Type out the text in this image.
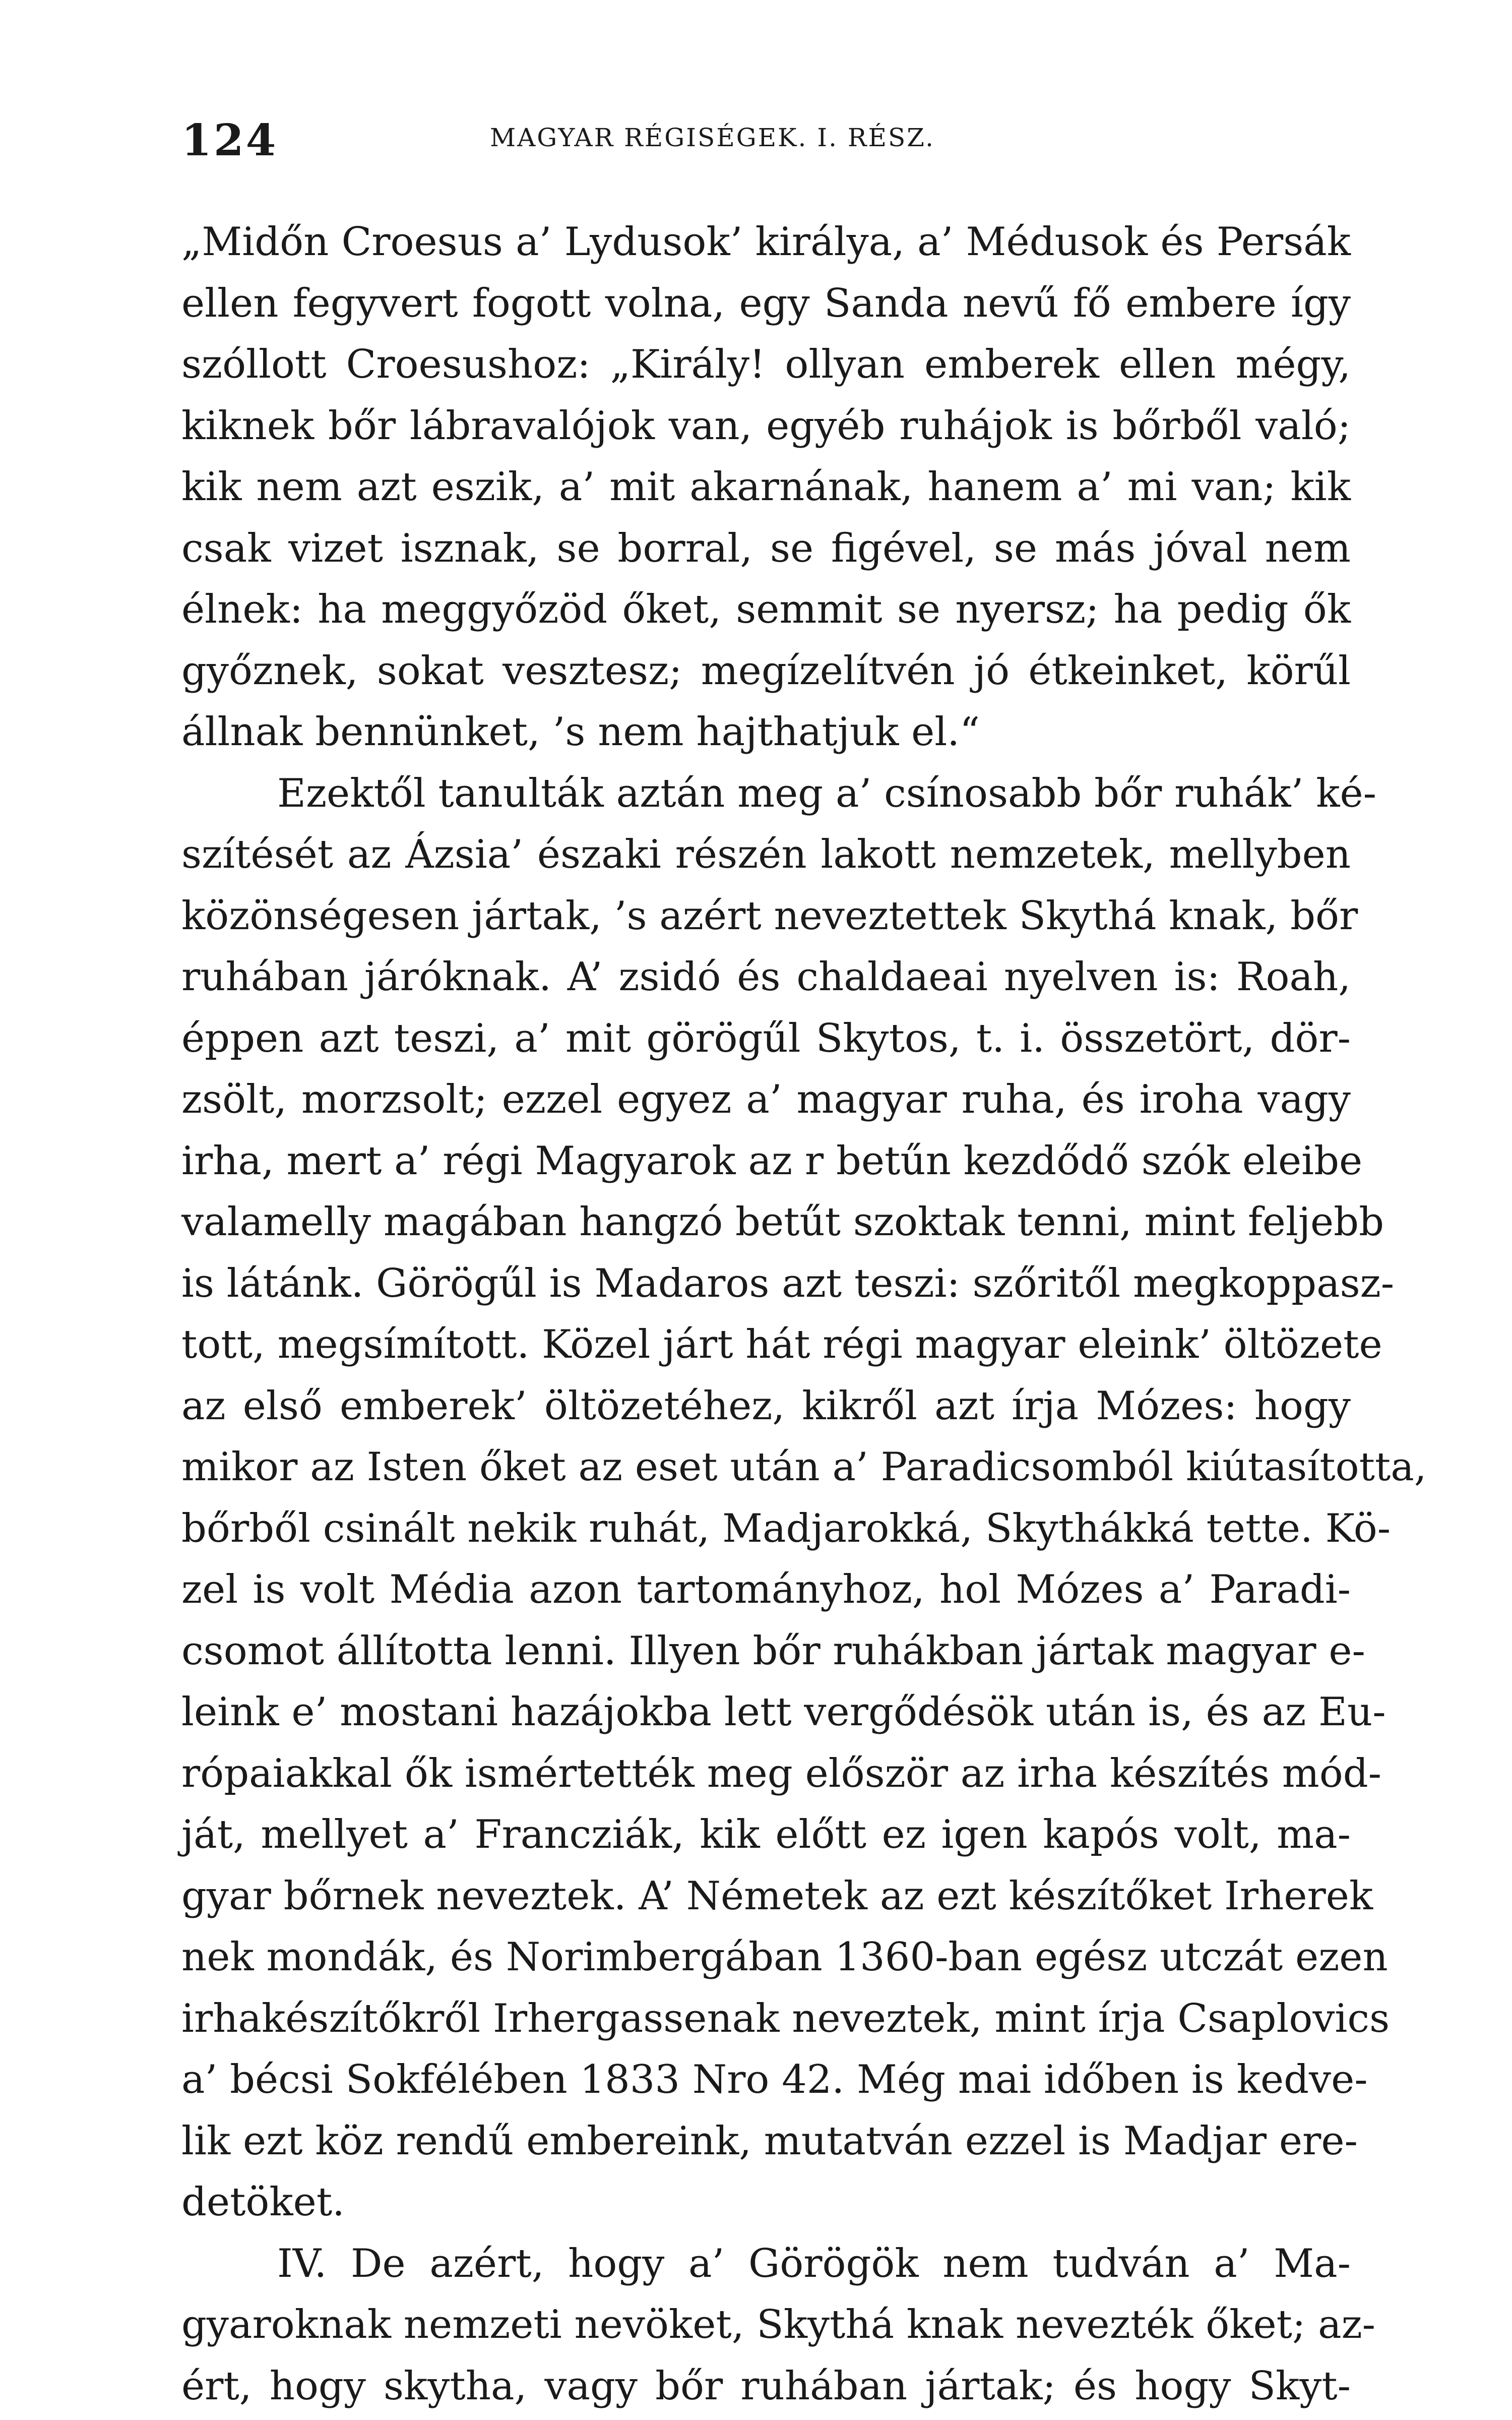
124	MAGYAR RÉGISÉGEK. I. RÉSZ.
„Midőn Croesus a’ Lydusok’ királya, a’ Médusok és Persák
ellen fegyvert fogott volna, egy Sanda nevű fő embere így
szóllott Croesushoz: „Király! ollyan emberek ellen mégy,
kiknek bőr lábravalójok van, egyéb ruhájok is bőrből való;
kik nem azt eszik, a’ mit akarnának, hanem a’ mi van; kik
csak vizet isznak, se borral, se figével, se más jóval nem
élnek: ha meggyőzöd őket, semmit se nyersz; ha pedig ők
győznek, sokat vesztesz; megízelítvén jó étkeinket, körűl
állnak bennünket, ’s nem hajthatjuk el.“
Ezektől tanulták aztán meg a’ csínosabb bőr ruhák’ ké-
szítését az Ázsia’ északi részén lakott nemzetek, mellyben
közönségesen jártak, ’s azért neveztettek Skythá knak, bőr
ruhában járóknak. A’ zsidó és chaldaeai nyelven is: Roah,
éppen azt teszi, a’ mit görögűl Skytos, t. i. összetört, dör-
zsölt, morzsolt; ezzel egyez a’ magyar ruha, és iroha vagy
irha, mert a’ régi Magyarok az r betűn kezdődő szók eleibe
valamelly magában hangzó betűt szoktak tenni, mint feljebb
is látánk. Görögűl is Madaros azt teszi: szőritől megkoppasz-
tott, megsímított. Közel járt hát régi magyar eleink’ öltözete
az első emberek’ öltözetéhez, kikről azt írja Mózes: hogy
mikor az Isten őket az eset után a’ Paradicsomból kiútasította,
bőrből csinált nekik ruhát, Madjarokká, Skythákká tette. Kö-
zel is volt Média azon tartományhoz, hol Mózes a’ Paradi-
csomot állította lenni. Illyen bőr ruhákban jártak magyar e-
leink e’ mostani hazájokba lett vergődésök után is, és az Eu-
rópaiakkal ők ismértették meg először az irha készítés mód-
ját, mellyet a’ Francziák, kik előtt ez igen kapós volt, ma-
gyar bőrnek neveztek. A’ Németek az ezt készítőket Irherek
nek mondák, és Norimbergában 1360-ban egész utczát ezen
irhakészítőkről Irhergassenak neveztek, mint írja Csaplovics
a’ bécsi Sokfélében 1833 Nro 42. Még mai időben is kedve-
lik ezt köz rendű embereink, mutatván ezzel is Madjar ere-
detöket.
IV. De azért, hogy a’ Görögök nem tudván a’ Ma-
gyaroknak nemzeti nevöket, Skythá knak nevezték őket; az-
ért, hogy skytha, vagy bőr ruhában jártak; és hogy Skyt-
